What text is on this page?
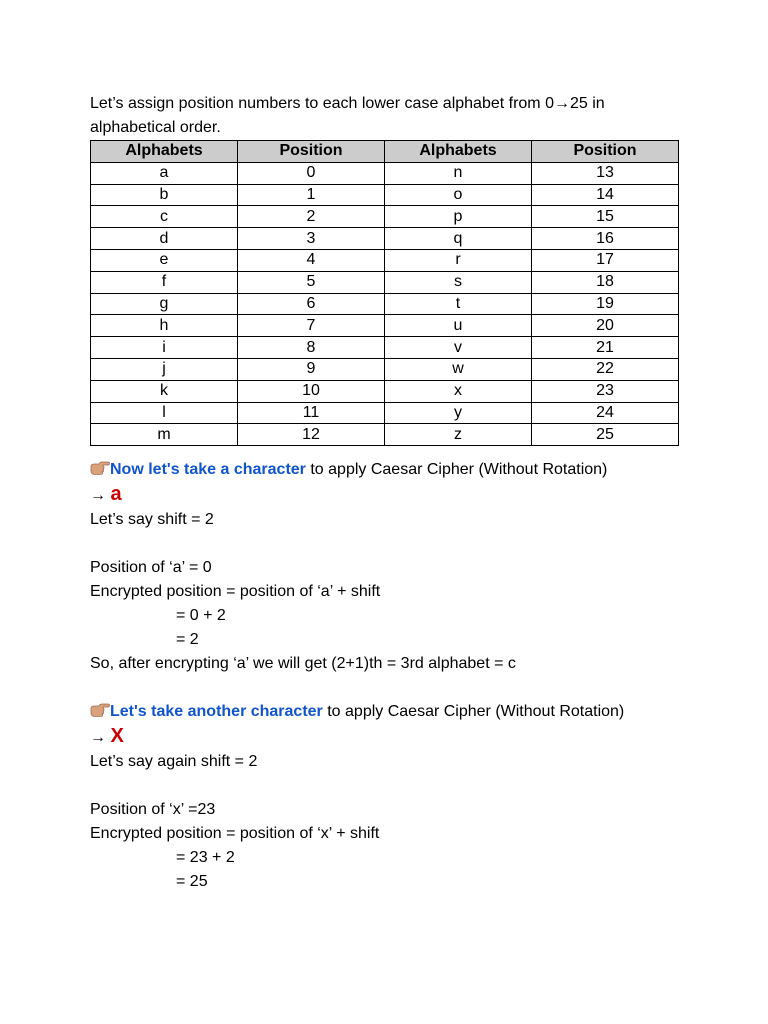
Let’s assign position numbers to each lower case alphabet from 0→25 in
alphabetical order.
Alphabets	Position	Alphabets	Position
a	0	n	13
b	1	o	14
c	2	p	15
d	3	q	16
e	4	r	17
f	5	s	18
g	6	t	19
h	7	u	20
i	8	v	21
j	9	w	22
k	10	x	23
l	11	y	24
m	12	z	25
Now let's take a character to apply Caesar Cipher (Without Rotation)
→ a
Let’s say shift = 2
Position of ‘a’ = 0
Encrypted position = position of ‘a’ + shift
= 0 + 2
= 2
So, after encrypting ‘a’ we will get (2+1)th = 3rd alphabet = c
Let's take another character to apply Caesar Cipher (Without Rotation)
→ X
Let’s say again shift = 2
Position of ‘x’ =23
Encrypted position = position of ‘x’ + shift
= 23 + 2
= 25
